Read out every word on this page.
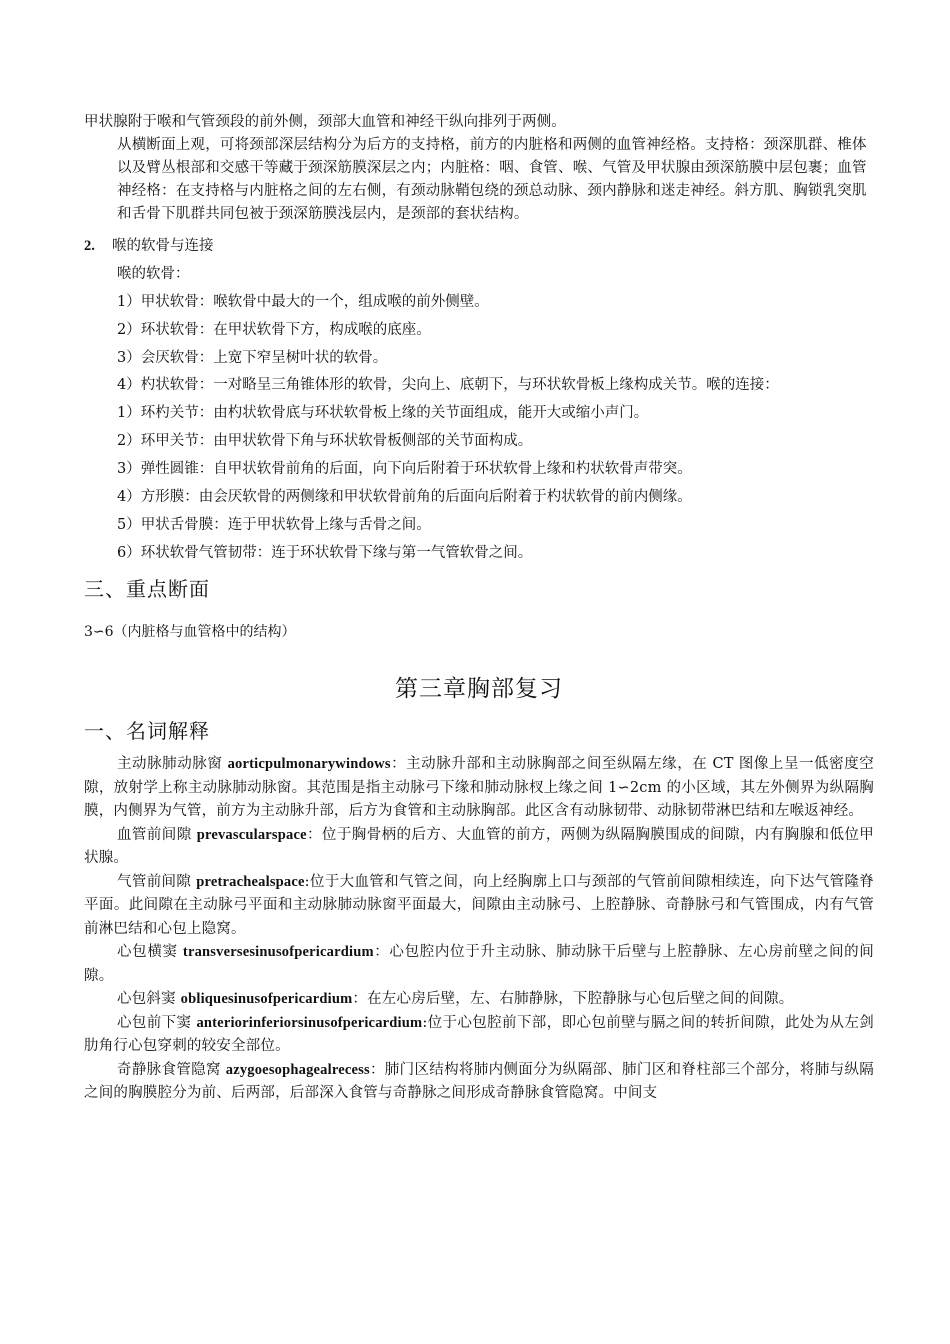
甲状腺附于喉和气管颈段的前外侧，颈部大血管和神经干纵向排列于两侧。
从横断面上观，可将颈部深层结构分为后方的支持格，前方的内脏格和两侧的血管神经格。支持格：颈深肌群、椎体以及臂丛根部和交感干等藏于颈深筋膜深层之内；内脏格：咽、食管、喉、气管及甲状腺由颈深筋膜中层包裹；血管神经格：在支持格与内脏格之间的左右侧，有颈动脉鞘包绕的颈总动脉、颈内静脉和迷走神经。斜方肌、胸锁乳突肌和舌骨下肌群共同包被于颈深筋膜浅层内，是颈部的套状结构。
2. 喉的软骨与连接
喉的软骨：
1）甲状软骨：喉软骨中最大的一个，组成喉的前外侧壁。
2）环状软骨：在甲状软骨下方，构成喉的底座。
3）会厌软骨：上宽下窄呈树叶状的软骨。
4）杓状软骨：一对略呈三角锥体形的软骨，尖向上、底朝下，与环状软骨板上缘构成关节。喉的连接：
1）环杓关节：由杓状软骨底与环状软骨板上缘的关节面组成，能开大或缩小声门。
2）环甲关节：由甲状软骨下角与环状软骨板侧部的关节面构成。
3）弹性圆锥：自甲状软骨前角的后面，向下向后附着于环状软骨上缘和杓状软骨声带突。
4）方形膜：由会厌软骨的两侧缘和甲状软骨前角的后面向后附着于杓状软骨的前内侧缘。
5）甲状舌骨膜：连于甲状软骨上缘与舌骨之间。
6）环状软骨气管韧带：连于环状软骨下缘与第一气管软骨之间。
三、重点断面
3∽6（内脏格与血管格中的结构）
第三章胸部复习
一、名词解释
主动脉肺动脉窗 aorticpulmonarywindows：主动脉升部和主动脉胸部之间至纵隔左缘，在 CT 图像上呈一低密度空隙，放射学上称主动脉肺动脉窗。其范围是指主动脉弓下缘和肺动脉杈上缘之间 1∽2cm 的小区域，其左外侧界为纵隔胸膜，内侧界为气管，前方为主动脉升部，后方为食管和主动脉胸部。此区含有动脉韧带、动脉韧带淋巴结和左喉返神经。
血管前间隙 prevascularspace：位于胸骨柄的后方、大血管的前方，两侧为纵隔胸膜围成的间隙，内有胸腺和低位甲状腺。
气管前间隙 pretrachealspace:位于大血管和气管之间，向上经胸廓上口与颈部的气管前间隙相续连，向下达气管隆脊平面。此间隙在主动脉弓平面和主动脉肺动脉窗平面最大，间隙由主动脉弓、上腔静脉、奇静脉弓和气管围成，内有气管前淋巴结和心包上隐窝。
心包横窦 transversesinusofpericardium：心包腔内位于升主动脉、肺动脉干后壁与上腔静脉、左心房前壁之间的间隙。
心包斜窦 obliquesinusofpericardium：在左心房后壁，左、右肺静脉，下腔静脉与心包后壁之间的间隙。
心包前下窦 anteriorinferiorsinusofpericardium:位于心包腔前下部，即心包前壁与膈之间的转折间隙，此处为从左剑肋角行心包穿刺的较安全部位。
奇静脉食管隐窝 azygoesophagealrecess：肺门区结构将肺内侧面分为纵隔部、肺门区和脊柱部三个部分，将肺与纵隔之间的胸膜腔分为前、后两部，后部深入食管与奇静脉之间形成奇静脉食管隐窝。中间支
